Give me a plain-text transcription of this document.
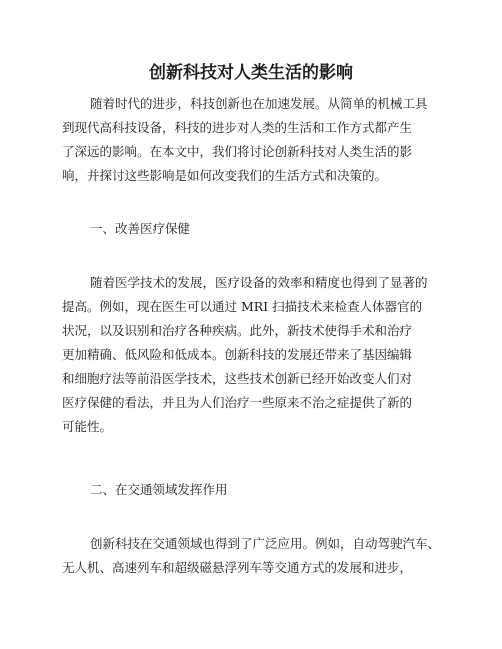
创新科技对人类生活的影响
随着时代的进步，科技创新也在加速发展。从简单的机械工具
到现代高科技设备，科技的进步对人类的生活和工作方式都产生
了深远的影响。在本文中，我们将讨论创新科技对人类生活的影
响，并探讨这些影响是如何改变我们的生活方式和决策的。
一、改善医疗保健
随着医学技术的发展，医疗设备的效率和精度也得到了显著的
提高。例如，现在医生可以通过 MRI 扫描技术来检查人体器官的
状况，以及识别和治疗各种疾病。此外，新技术使得手术和治疗
更加精确、低风险和低成本。创新科技的发展还带来了基因编辑
和细胞疗法等前沿医学技术，这些技术创新已经开始改变人们对
医疗保健的看法，并且为人们治疗一些原来不治之症提供了新的
可能性。
二、在交通领域发挥作用
创新科技在交通领域也得到了广泛应用。例如，自动驾驶汽车、
无人机、高速列车和超级磁悬浮列车等交通方式的发展和进步，
